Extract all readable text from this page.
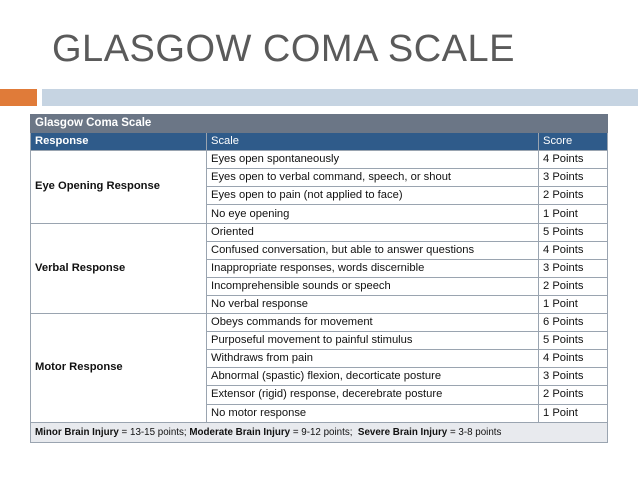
GLASGOW COMA SCALE
Glasgow Coma Scale		
Response	Scale	Score
Eye Opening Response	Eyes open spontaneously	4 Points
	Eyes open to verbal command, speech, or shout	3 Points
	Eyes open to pain (not applied to face)	2 Points
	No eye opening	1 Point
Verbal Response	Oriented	5 Points
	Confused conversation, but able to answer questions	4 Points
	Inappropriate responses, words discernible	3 Points
	Incomprehensible sounds or speech	2 Points
	No verbal response	1 Point
Motor Response	Obeys commands for movement	6 Points
	Purposeful movement to painful stimulus	5 Points
	Withdraws from pain	4 Points
	Abnormal (spastic) flexion, decorticate posture	3 Points
	Extensor (rigid) response, decerebrate posture	2 Points
	No motor response	1 Point
Minor Brain Injury = 13-15 points; Moderate Brain Injury = 9-12 points; Severe Brain Injury = 3-8 points		
